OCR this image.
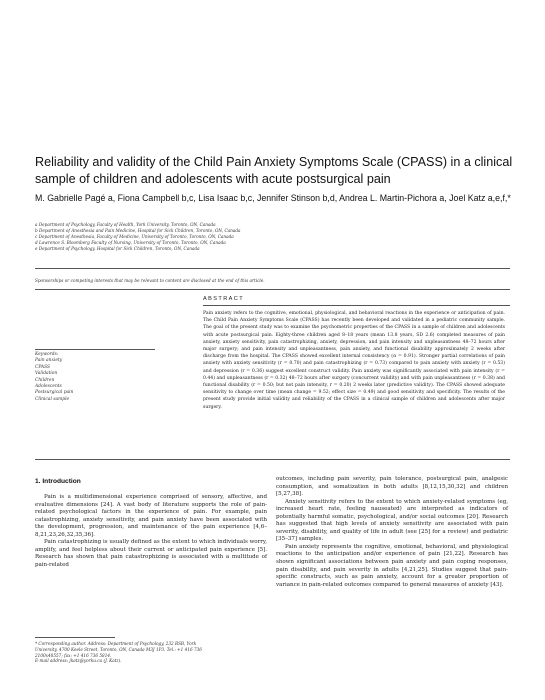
Reliability and validity of the Child Pain Anxiety Symptoms Scale (CPASS) in a clinical sample of children and adolescents with acute postsurgical pain
M. Gabrielle Pagé a, Fiona Campbell b,c, Lisa Isaac b,c, Jennifer Stinson b,d, Andrea L. Martin-Pichora a, Joel Katz a,e,f,*
a Department of Psychology, Faculty of Health, York University, Toronto, ON, Canada
b Department of Anesthesia and Pain Medicine, Hospital for Sick Children, Toronto, ON, Canada
c Department of Anesthesia, Faculty of Medicine, University of Toronto, Toronto, ON, Canada
d Lawrence S. Bloomberg Faculty of Nursing, University of Toronto, Toronto, ON, Canada
e Department of Psychology, Hospital for Sick Children, Toronto, ON, Canada
Sponsorships or competing interests that may be relevant to content are disclosed at the end of this article.
ABSTRACT
Pain anxiety refers to the cognitive, emotional, physiological, and behavioral reactions in the experience or anticipation of pain. The Child Pain Anxiety Symptoms Scale (CPASS) has recently been developed and validated in a pediatric community sample. The goal of the present study was to examine the psychometric properties of the CPASS in a sample of children and adolescents with acute postsurgical pain. Eighty-three children aged 8–18 years (mean 13.8 years, SD 2.6) completed measures of pain anxiety, anxiety sensitivity, pain catastrophizing, anxiety, depression, and pain intensity and unpleasantness 48–72 hours after major surgery; and pain intensity and unpleasantness, pain anxiety, and functional disability approximately 2 weeks after discharge from the hospital. The CPASS showed excellent internal consistency (α = 0.91). Stronger partial correlations of pain anxiety with anxiety sensitivity (r = 0.70) and pain catastrophizing (r = 0.73) compared to pain anxiety with anxiety (r = 0.53) and depression (r = 0.36) suggest excellent construct validity. Pain anxiety was significantly associated with pain intensity (r = 0.44) and unpleasantness (r = 0.32) 48–72 hours after surgery (concurrent validity) and with pain unpleasantness (r = 0.38) and functional disability (r = 0.50; but not pain intensity, r = 0.20) 2 weeks later (predictive validity). The CPASS showed adequate sensitivity to change over time (mean change = 9.52; effect size = 0.49) and good sensitivity and specificity. The results of the present study provide initial validity and reliability of the CPASS in a clinical sample of children and adolescents after major surgery.
Keywords:
Pain anxiety
CPASS
Validation
Children
Adolescents
Postsurgical pain
Clinical sample
1. Introduction

Pain is a multidimensional experience comprised of sensory, affective, and evaluative dimensions [24]. A vast body of literature supports the role of pain-related psychological factors in the experience of pain. For example, pain catastrophizing, anxiety sensitivity, and pain anxiety have been associated with the development, progression, and maintenance of the pain experience [4,6–8,21,23,26,32,35,36].

Pain catastrophizing is usually defined as the extent to which individuals worry, amplify, and feel helpless about their current or anticipated pain experience [5]. Research has shown that pain catastrophizing is associated with a multitude of pain-related

outcomes, including pain severity, pain tolerance, postsurgical pain, analgesic consumption, and somatization in both adults [8,12,15,30,32] and children [5,27,38].

Anxiety sensitivity refers to the extent to which anxiety-related symptoms (eg, increased heart rate, feeling nauseated) are interpreted as indicators of potentially harmful somatic, psychological, and/or social outcomes [20]. Research has suggested that high levels of anxiety sensitivity are associated with pain severity, disability, and quality of life in adult (see [25] for a review) and pediatric [35–37] samples.

Pain anxiety represents the cognitive, emotional, behavioral, and physiological reactions to the anticipation and/or experience of pain [21,22]. Research has shown significant associations between pain anxiety and pain coping responses, pain disability, and pain severity in adults [4,21,25]. Studies suggest that pain-specific constructs, such as pain anxiety, account for a greater proportion of variance in pain-related outcomes compared to general measures of anxiety [43].

* Corresponding author. Address: Department of Psychology, 232 BSB, York
University, 4700 Keele Street, Toronto, ON, Canada M3J 1P3. Tel.: +1 416 736
2100x40557; fax: +1 416 736 5814.
E-mail address: jkatz@yorku.ca (J. Katz).
